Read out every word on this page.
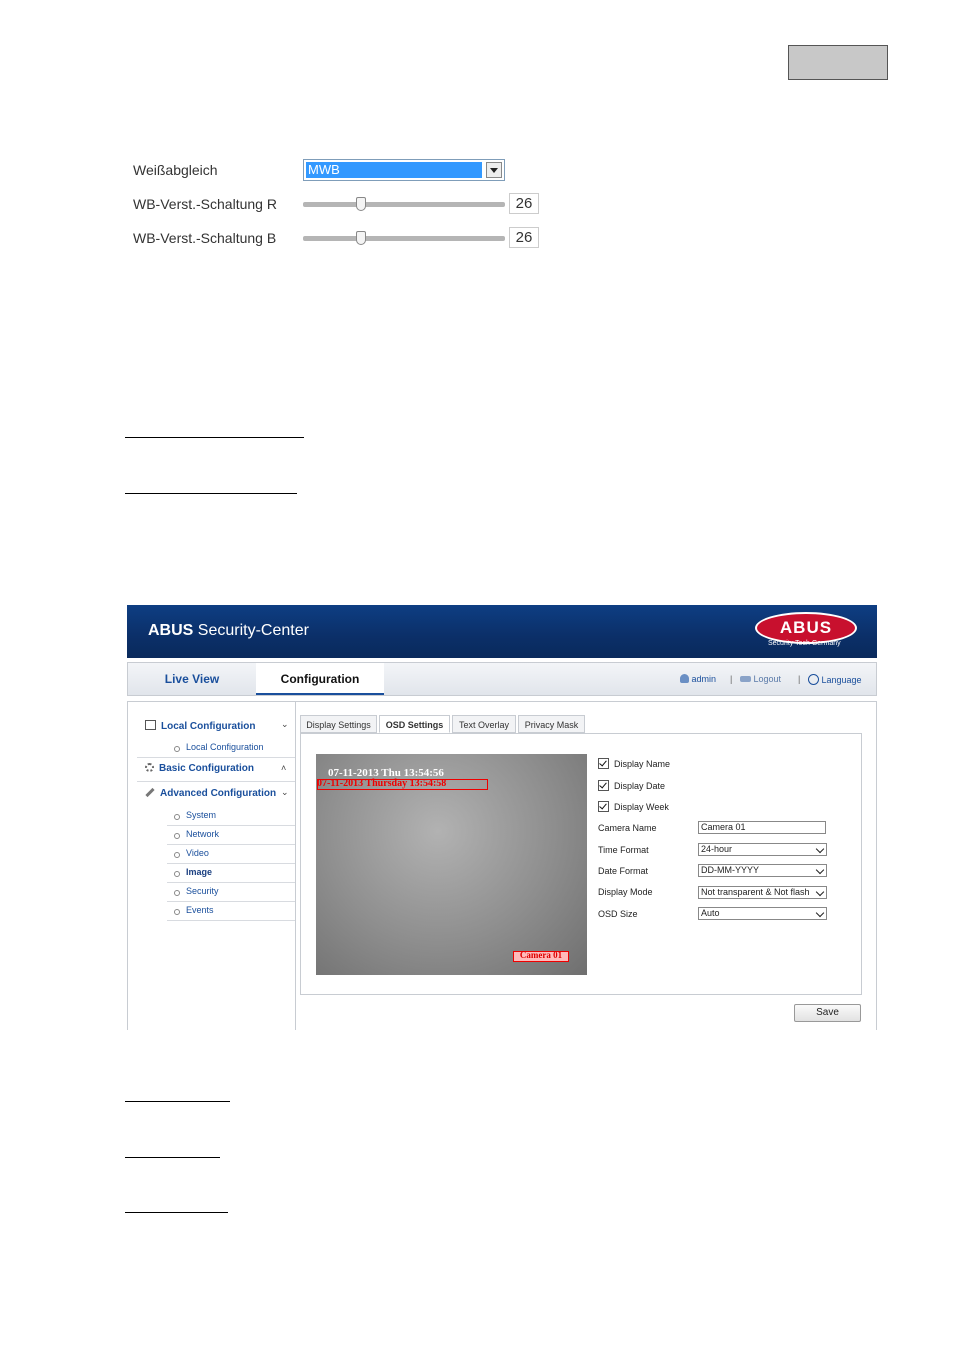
Weißabgleich	MWB
WB-Verst.-Schaltung R	26
WB-Verst.-Schaltung B	26
ABUS Security-Center	ABUS
Security Tech Germany
Live View	Configuration	admin |	Logout |	Language
Local Configuration	⌄
Local Configuration
Basic Configuration	˄
Advanced Configuration ⌄
Display Settings	OSD Settings	Text Overlay	Privacy Mask
07-11-2013 Thu 13:54:56
07-11-2013 Thursday 13:54:58
Camera 01
Display Name
Display Date
Display Week
Camera Name	Camera 01
Time Format	24-hour
Date Format	DD-MM-YYYY
Display Mode	Not transparent & Not flash
OSD Size	Auto
Save
System
Network
Video
Image
Security
Events
